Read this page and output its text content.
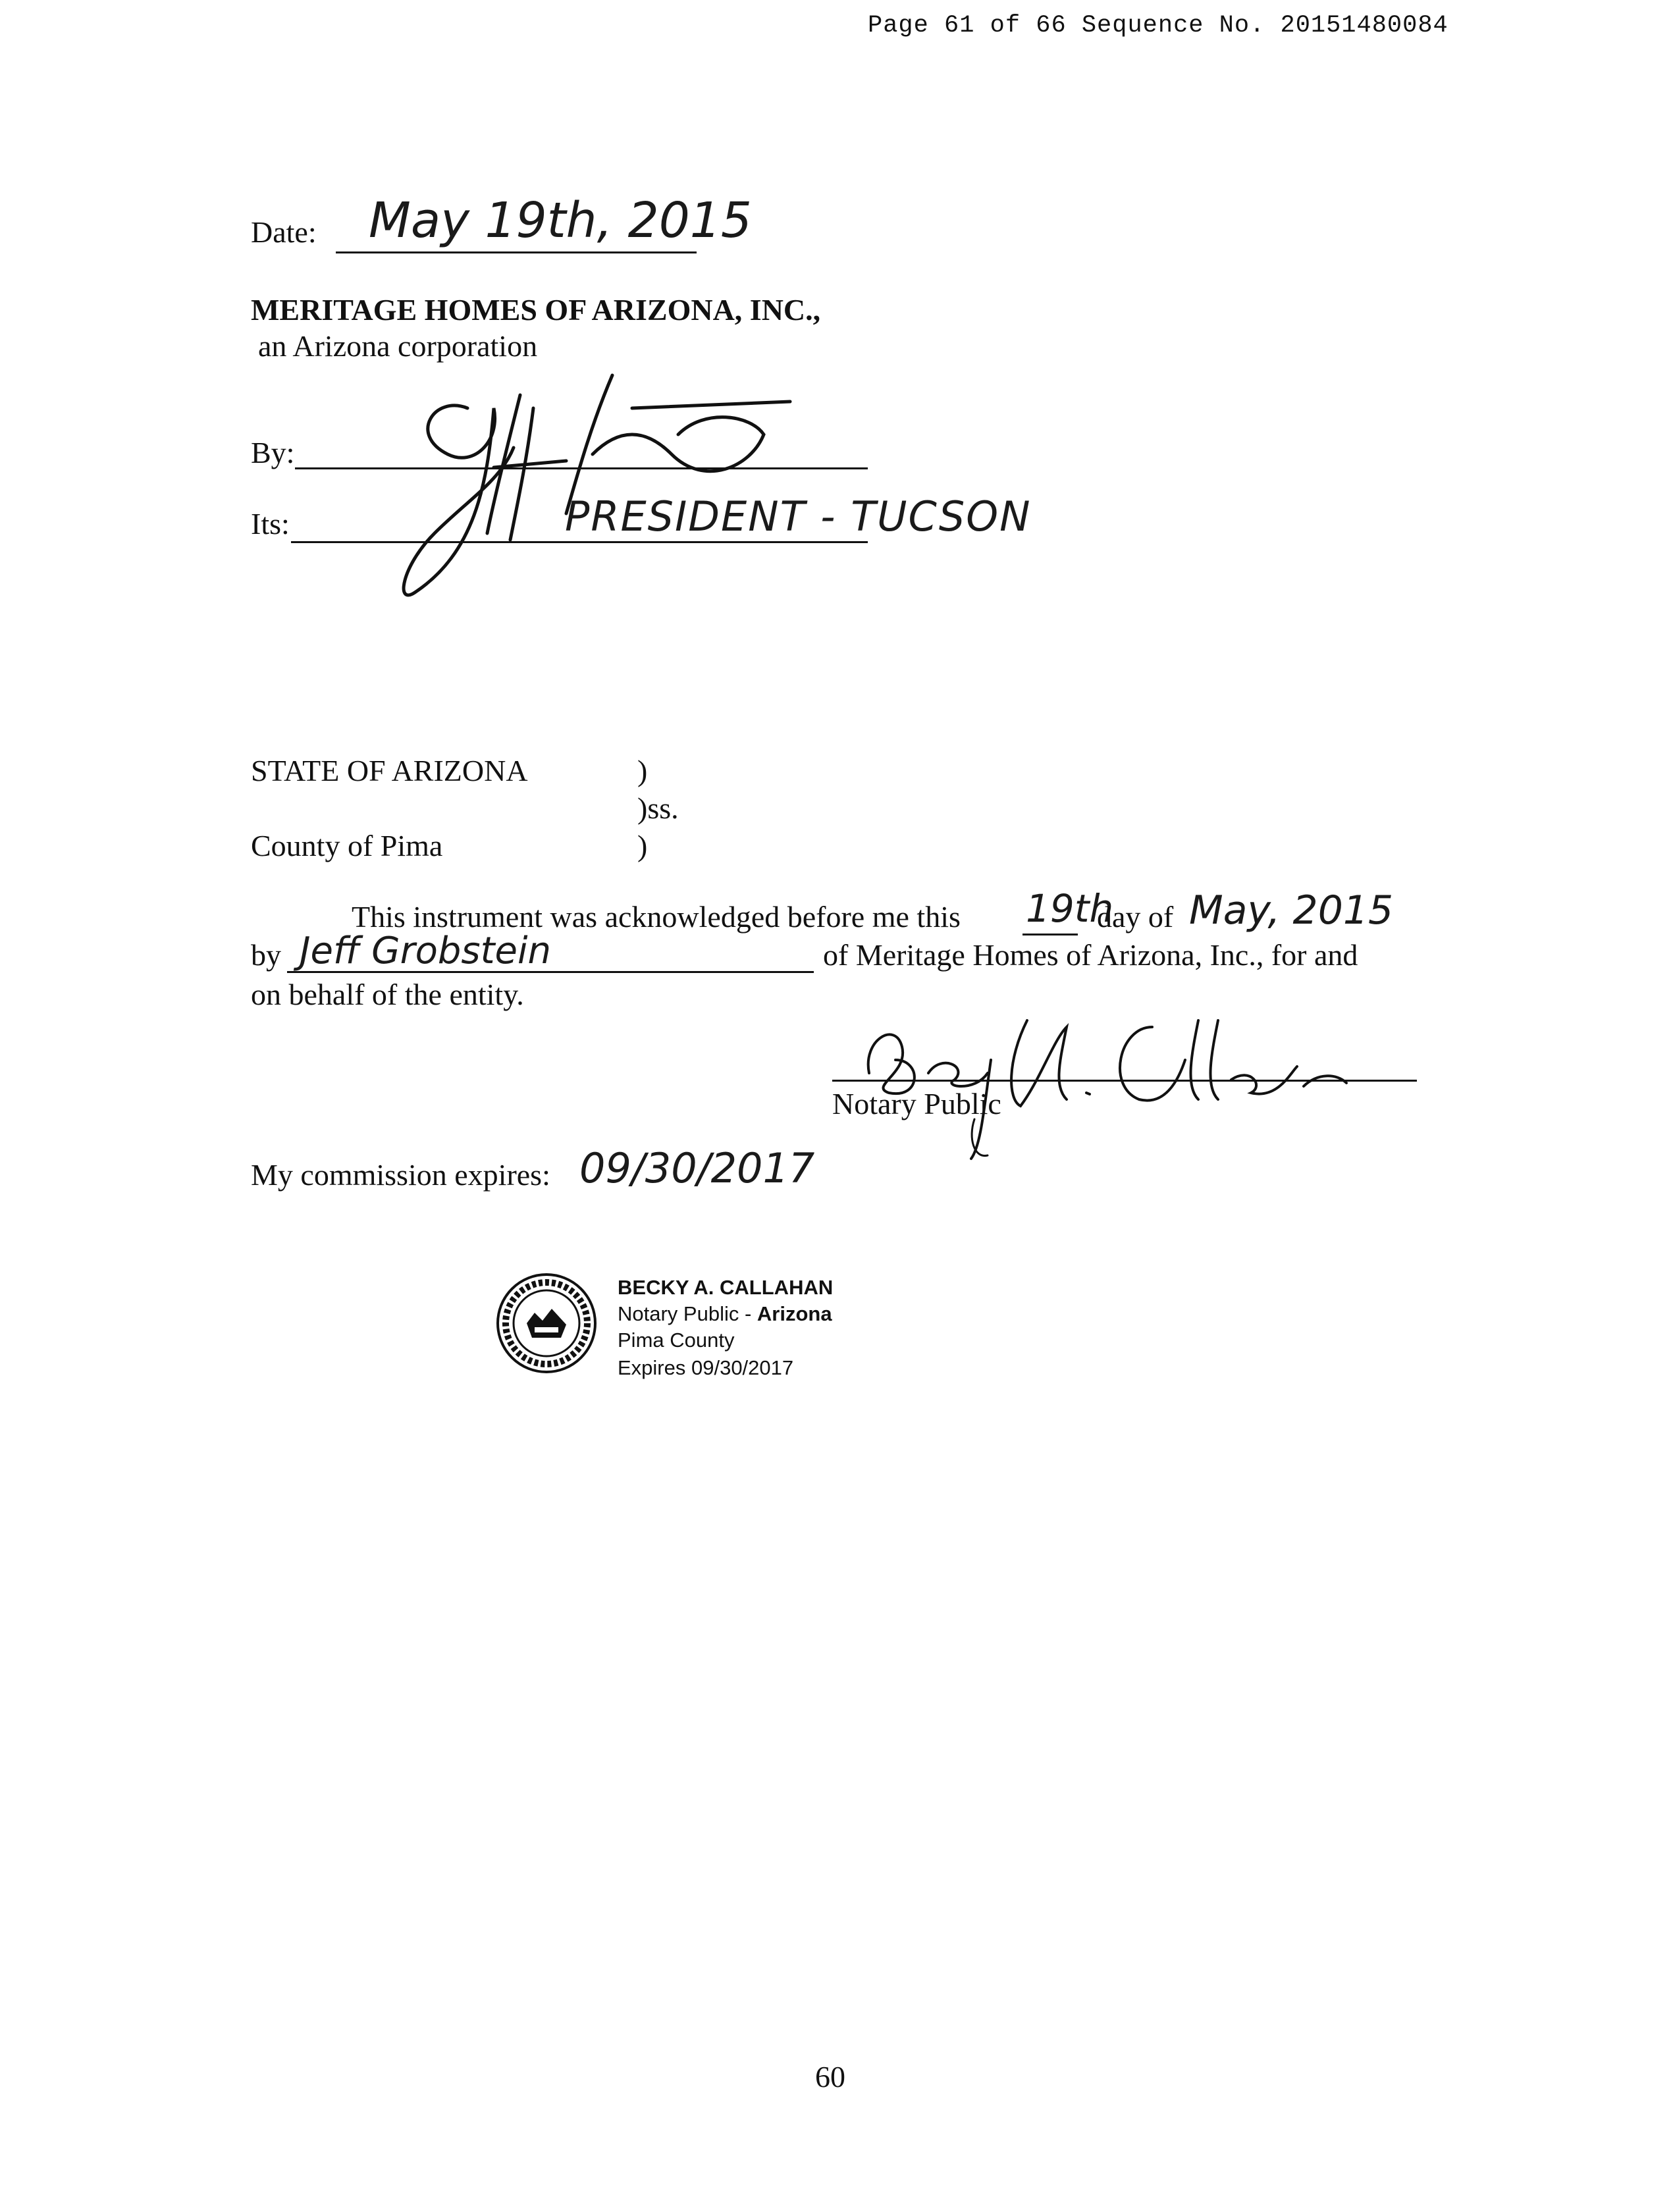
Page 61 of 66 Sequence No. 20151480084
Date: May 19th, 2015
MERITAGE HOMES OF ARIZONA, INC.,
an Arizona corporation
By:
Its:	PRESIDENT - TUCSON
STATE OF ARIZONA	)
)ss.
County of Pima	)
This instrument was acknowledged before me this 19th
day of May, 2015
by Jeff Grobstein	of Meritage Homes of Arizona, Inc., for and
on behalf of the entity.
Notary Public
My commission expires: 09/30/2017
BECKY A. CALLAHAN
Notary Public - Arizona
Pima County
Expires 09/30/2017
60
